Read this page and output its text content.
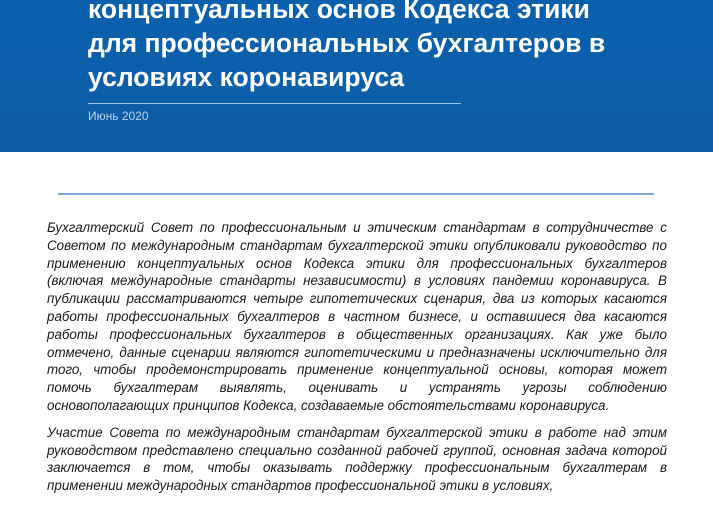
концептуальных основ Кодекса этики
для профессиональных бухгалтеров в
условиях коронавируса
Июнь 2020

Бухгалтерский Совет по профессиональным и этическим стандартам в сотрудничестве с Советом по международным стандартам бухгалтерской этики опубликовали руководство по применению концептуальных основ Кодекса этики для профессиональных бухгалтеров (включая международные стандарты независимости) в условиях пандемии коронавируса. В публикации рассматриваются четыре гипотетических сценария, два из которых касаются работы профессиональных бухгалтеров в частном бизнесе, и оставшиеся два касаются работы профессиональных бухгалтеров в общественных организациях. Как уже было отмечено, данные сценарии являются гипотетическими и предназначены исключительно для того, чтобы продемонстрировать применение концептуальной основы, которая может помочь бухгалтерам выявлять, оценивать и устранять угрозы соблюдению основополагающих принципов Кодекса, создаваемые обстоятельствами коронавируса.

Участие Совета по международным стандартам бухгалтерской этики в работе над этим руководством представлено специально созданной рабочей группой, основная задача которой заключается в том, чтобы оказывать поддержку профессиональным бухгалтерам в применении международных стандартов профессиональной этики в условиях,
